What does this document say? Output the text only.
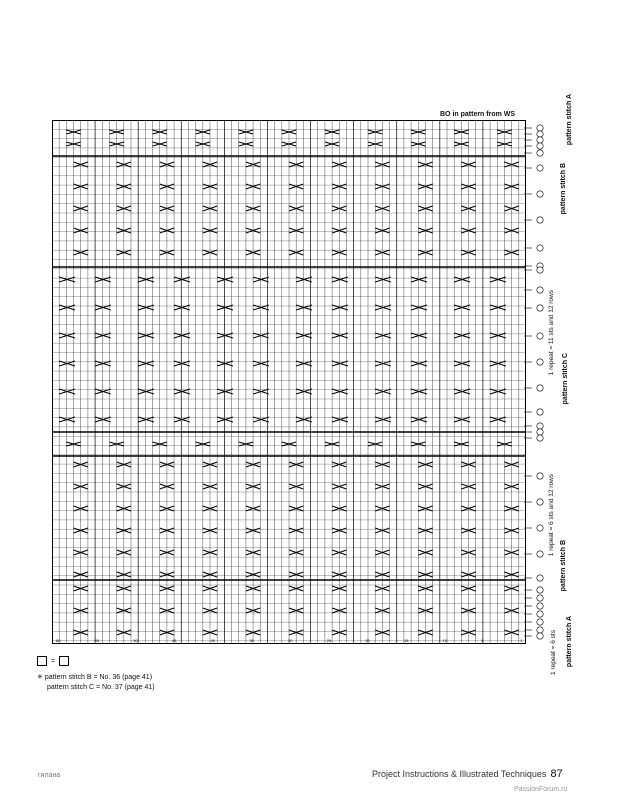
BO in pattern from WS
60	55	50	45	40	35	30	25	20	15	10	5	1
pattern stitch A
pattern stitch B
1 repeat = 11 sts and 12 rows
pattern stitch C
1 repeat = 6 sts and 12 rows
pattern stitch B
1 repeat = 6 sts pattern stitch A
=
✳ pattern stitch B = No. 36 (page 41)
pattern stitch C = No. 37 (page 41)
гилана	Project Instructions & Illustrated Techniques 87
PassionForum.ru
